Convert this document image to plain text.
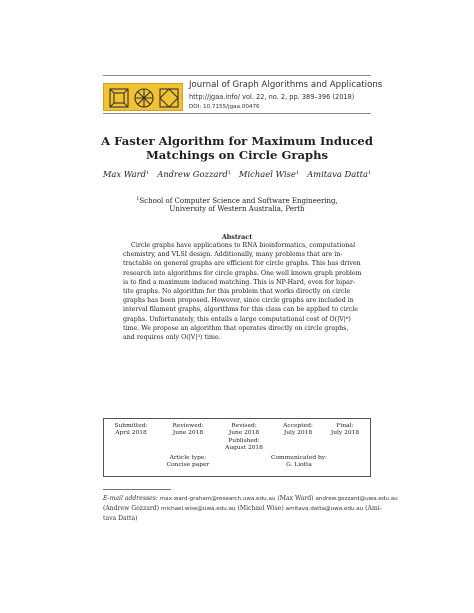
Journal of Graph Algorithms and Applications
http://jgaa.info/ vol. 22, no. 2, pp. 389–396 (2018)
DOI: 10.7155/jgaa.00476
A Faster Algorithm for Maximum Induced
Matchings on Circle Graphs
Max Ward$^1$ Andrew Gozzard$^1$ Michael Wise$^1$ Amitava Datta$^1$
$^1$School of Computer Science and Software Engineering,
University of Western Australia, Perth
Abstract
Circle graphs have applications to RNA bioinformatics, computational
chemistry, and VLSI design. Additionally, many problems that are in-
tractable on general graphs are efficient for circle graphs. This has driven
research into algorithms for circle graphs. One well known graph problem
is to find a maximum induced matching. This is NP-Hard, even for bipar-
tite graphs. No algorithm for this problem that works directly on circle
graphs has been proposed. However, since circle graphs are included in
interval filament graphs, algorithms for this class can be applied to circle
graphs. Unfortunately, this entails a large computational cost of O(|V|⁶)
time. We propose an algorithm that operates directly on circle graphs,
and requires only O(|V|³) time.
Submitted:
April 2018
Reviewed:
June 2018
Revised:
June 2018
Published:
August 2018
Accepted:
July 2018
Final:
July 2018
Article type:
Concise paper
Communicated by:
G. Liotta
E-mail addresses: max.ward-graham@research.uwa.edu.au (Max Ward) andrew.gozzard@uwa.edu.au
(Andrew Gozzard) michael.wise@uwa.edu.au (Michael Wise) amitava.datta@uwa.edu.au (Ami-
tava Datta)
